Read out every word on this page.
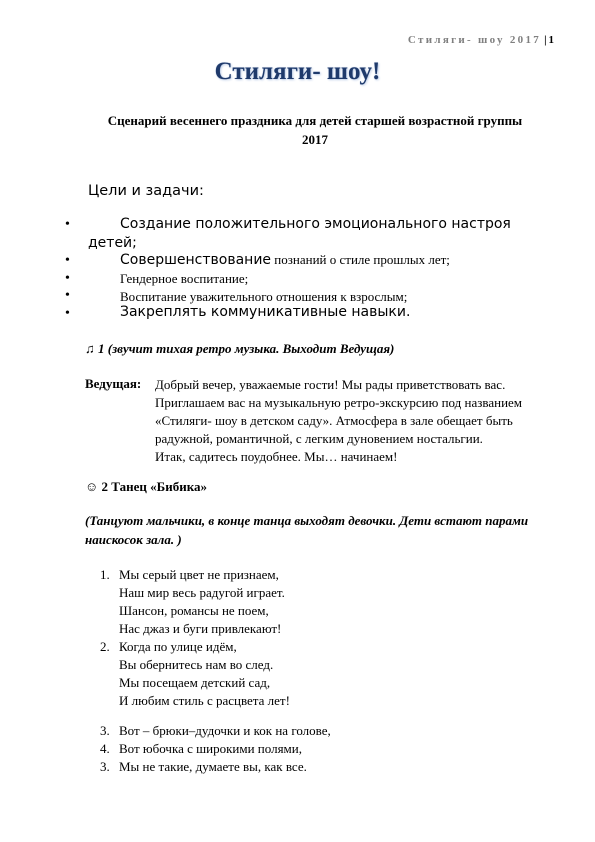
Стиляги- шоу 2017 | 1
Стиляги- шоу!
Сценарий весеннего праздника для детей старшей возрастной группы 2017
Цели и задачи:
•	Создание положительного эмоционального настроя
детей;
•	Совершенствование познаний о стиле прошлых лет;
•	Гендерное воспитание;
•	Воспитание уважительного отношения к взрослым;
•	Закреплять коммуникативные навыки.
♫ 1 (звучит тихая ретро музыка. Выходит Ведущая)
Ведущая: Добрый вечер, уважаемые гости! Мы рады приветствовать вас.
Приглашаем вас на музыкальную ретро-экскурсию под названием
«Стиляги- шоу в детском саду». Атмосфера в зале обещает быть
радужной, романтичной, с легким дуновением ностальгии.
Итак, садитесь поудобнее. Мы… начинаем!
☺ 2 Танец «Бибика»
(Танцуют мальчики, в конце танца выходят девочки. Дети встают парами наискосок зала. )
1. Мы серый цвет не признаем,
Наш мир весь радугой играет.
Шансон, романсы не поем,
Нас джаз и буги привлекают!
2. Когда по улице идём,
Вы обернитесь нам во след.
Мы посещаем детский сад,
И любим стиль с расцвета лет!
3. Вот – брюки–дудочки и кок на голове,
4. Вот юбочка с широкими полями,
3. Мы не такие, думаете вы, как все.
